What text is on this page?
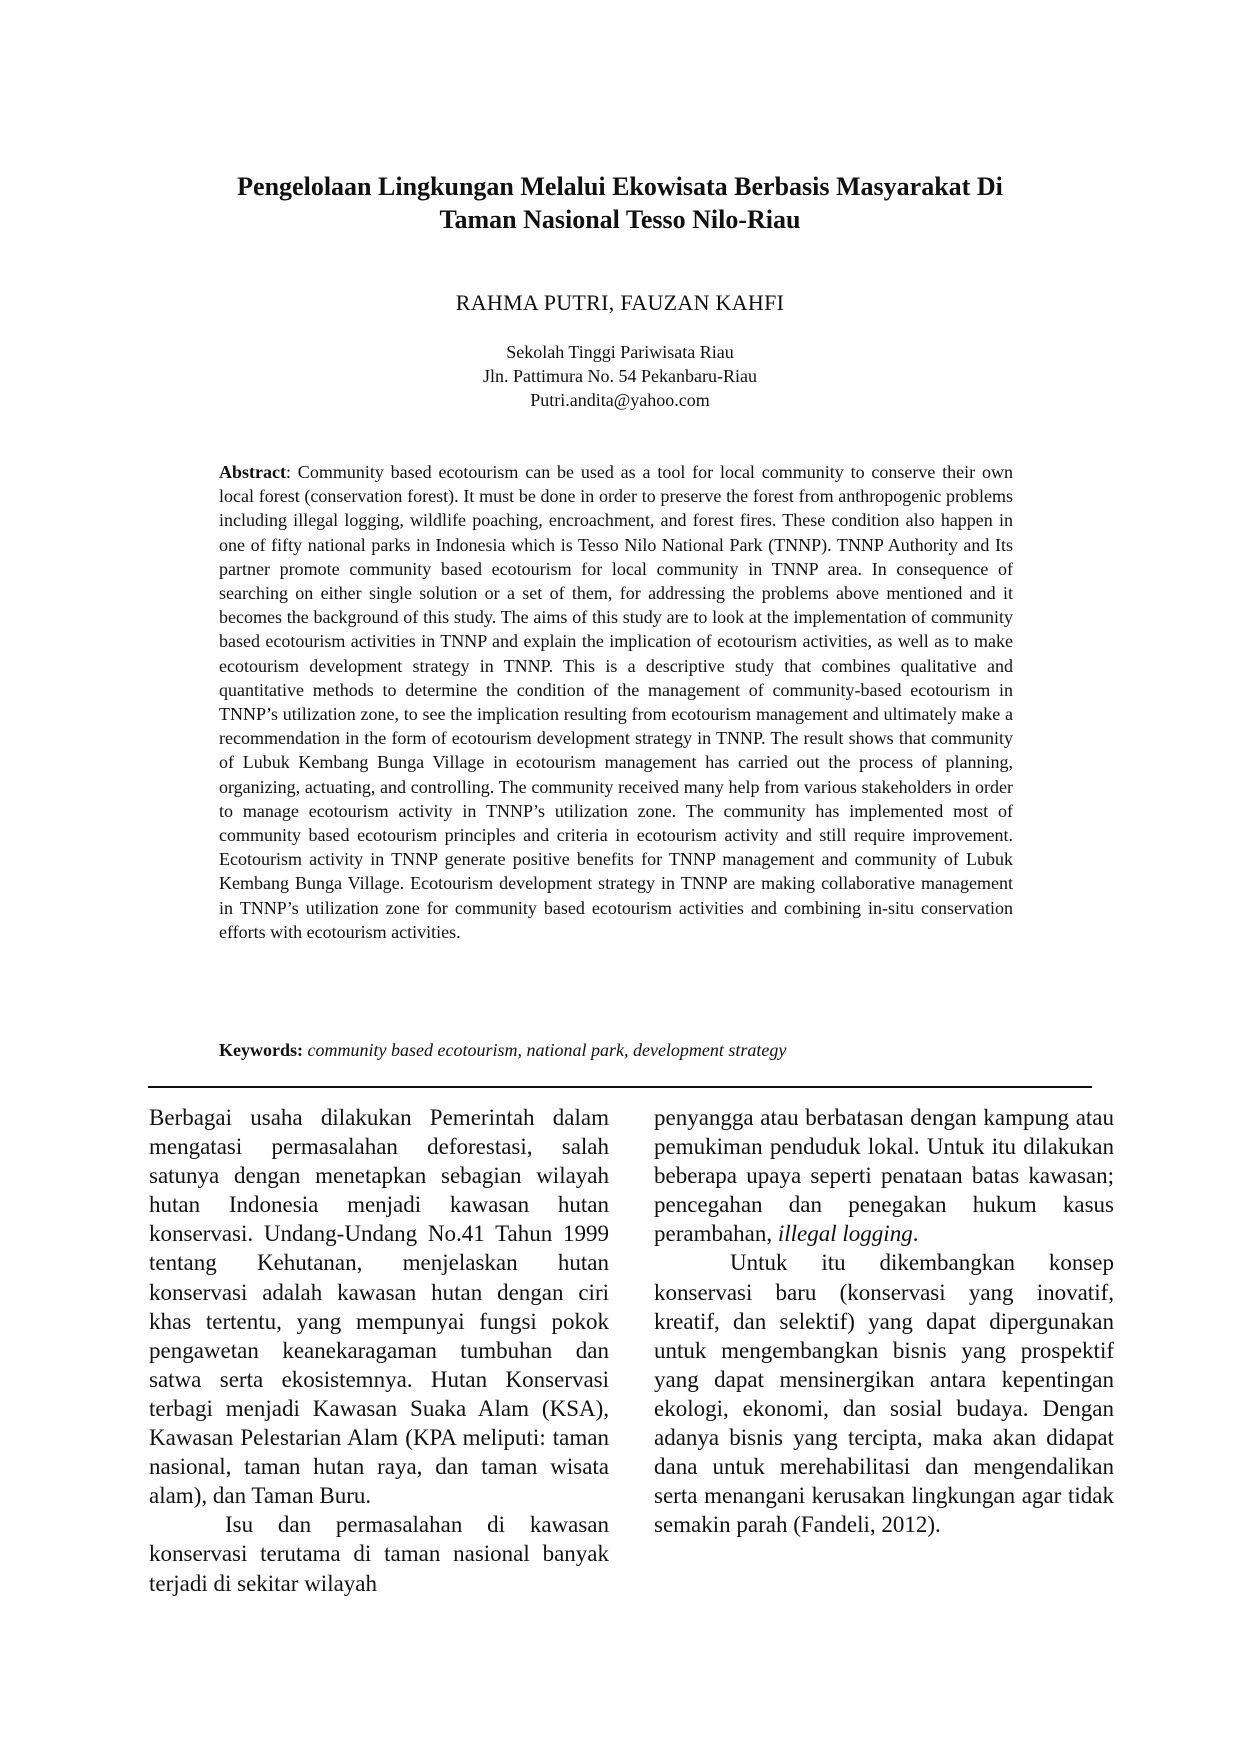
Pengelolaan Lingkungan Melalui Ekowisata Berbasis Masyarakat Di
Taman Nasional Tesso Nilo-Riau
RAHMA PUTRI, FAUZAN KAHFI
Sekolah Tinggi Pariwisata Riau
Jln. Pattimura No. 54 Pekanbaru-Riau
Putri.andita@yahoo.com
Abstract: Community based ecotourism can be used as a tool for local community to conserve their own local forest (conservation forest). It must be done in order to preserve the forest from anthropogenic problems including illegal logging, wildlife poaching, encroachment, and forest fires. These condition also happen in one of fifty national parks in Indonesia which is Tesso Nilo National Park (TNNP). TNNP Authority and Its partner promote community based ecotourism for local community in TNNP area. In consequence of searching on either single solution or a set of them, for addressing the problems above mentioned and it becomes the background of this study. The aims of this study are to look at the implementation of community based ecotourism activities in TNNP and explain the implication of ecotourism activities, as well as to make ecotourism development strategy in TNNP. This is a descriptive study that combines qualitative and quantitative methods to determine the condition of the management of community-based ecotourism in TNNP’s utilization zone, to see the implication resulting from ecotourism management and ultimately make a recommendation in the form of ecotourism development strategy in TNNP. The result shows that community of Lubuk Kembang Bunga Village in ecotourism management has carried out the process of planning, organizing, actuating, and controlling. The community received many help from various stakeholders in order to manage ecotourism activity in TNNP’s utilization zone. The community has implemented most of community based ecotourism principles and criteria in ecotourism activity and still require improvement. Ecotourism activity in TNNP generate positive benefits for TNNP management and community of Lubuk Kembang Bunga Village. Ecotourism development strategy in TNNP are making collaborative management in TNNP’s utilization zone for community based ecotourism activities and combining in-situ conservation efforts with ecotourism activities.
Keywords: community based ecotourism, national park, development strategy

Berbagai usaha dilakukan Pemerintah dalam mengatasi permasalahan deforestasi, salah satunya dengan menetapkan sebagian wilayah hutan Indonesia menjadi kawasan hutan konservasi. Undang-Undang No.41 Tahun 1999 tentang Kehutanan, menjelaskan hutan konservasi adalah kawasan hutan dengan ciri khas tertentu, yang mempunyai fungsi pokok pengawetan keanekaragaman tumbuhan dan satwa serta ekosistemnya. Hutan Konservasi terbagi menjadi Kawasan Suaka Alam (KSA), Kawasan Pelestarian Alam (KPA meliputi: taman nasional, taman hutan raya, dan taman wisata alam), dan Taman Buru.

Isu dan permasalahan di kawasan konservasi terutama di taman nasional banyak terjadi di sekitar wilayah

penyangga atau berbatasan dengan kampung atau pemukiman penduduk lokal. Untuk itu dilakukan beberapa upaya seperti penataan batas kawasan; pencegahan dan penegakan hukum kasus perambahan, illegal logging.

Untuk itu dikembangkan konsep konservasi baru (konservasi yang inovatif, kreatif, dan selektif) yang dapat dipergunakan untuk mengembangkan bisnis yang prospektif yang dapat mensinergikan antara kepentingan ekologi, ekonomi, dan sosial budaya. Dengan adanya bisnis yang tercipta, maka akan didapat dana untuk merehabilitasi dan mengendalikan serta menangani kerusakan lingkungan agar tidak semakin parah (Fandeli, 2012).
